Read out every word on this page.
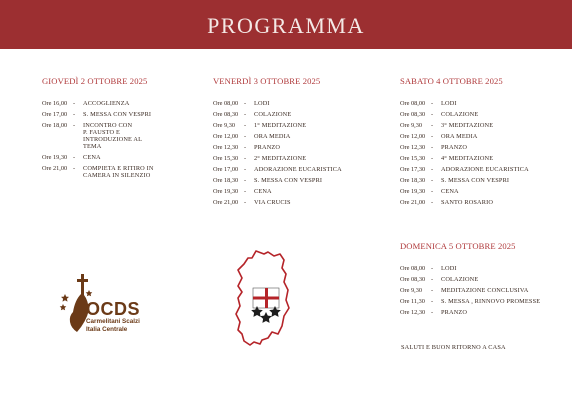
PROGRAMMA
GIOVEDÌ 2 OTTOBRE 2025
Ore 16,00 -	ACCOGLIENZA
Ore 17,00 -	S. MESSA CON VESPRI
Ore 18,00 -	INCONTRO CON
P. FAUSTO E
INTRODUZIONE AL
TEMA
Ore 19,30 -	CENA
Ore 21,00 -	COMPIETA E RITIRO IN
CAMERA IN SILENZIO
VENERDÌ 3 OTTOBRE 2025
Ore 08,00 -	LODI
Ore 08,30 -	COLAZIONE
Ore 9,30	-	1° MEDITAZIONE
Ore 12,00 -	ORA MEDIA
Ore 12,30 -	PRANZO
Ore 15,30 -	2° MEDITAZIONE
Ore 17,00 -	ADORAZIONE EUCARISTICA
Ore 18,30 -	S. MESSA CON VESPRI
Ore 19,30 -	CENA
Ore 21,00 -	VIA CRUCIS
SABATO 4 OTTOBRE 2025
Ore 08,00 -	LODI
Ore 08,30 -	COLAZIONE
Ore 9,30	-	3° MEDITAZIONE
Ore 12,00 -	ORA MEDIA
Ore 12,30 -	PRANZO
Ore 15,30 -	4° MEDITAZIONE
Ore 17,30 -	ADORAZIONE EUCARISTICA
Ore 18,30 -	S. MESSA CON VESPRI
Ore 19,30 -	CENA
Ore 21,00 -	SANTO ROSARIO
DOMENICA 5 OTTOBRE 2025
Ore 08,00 -	LODI
Ore 08,30 -	COLAZIONE
Ore 9,30	-	MEDITAZIONE CONCLUSIVA
Ore 11,30 -	S. MESSA , RINNOVO PROMESSE
Ore 12,30 -	PRANZO
SALUTI E BUON RITORNO A CASA
OCDS
Carmelitani Scalzi
Italia Centrale
